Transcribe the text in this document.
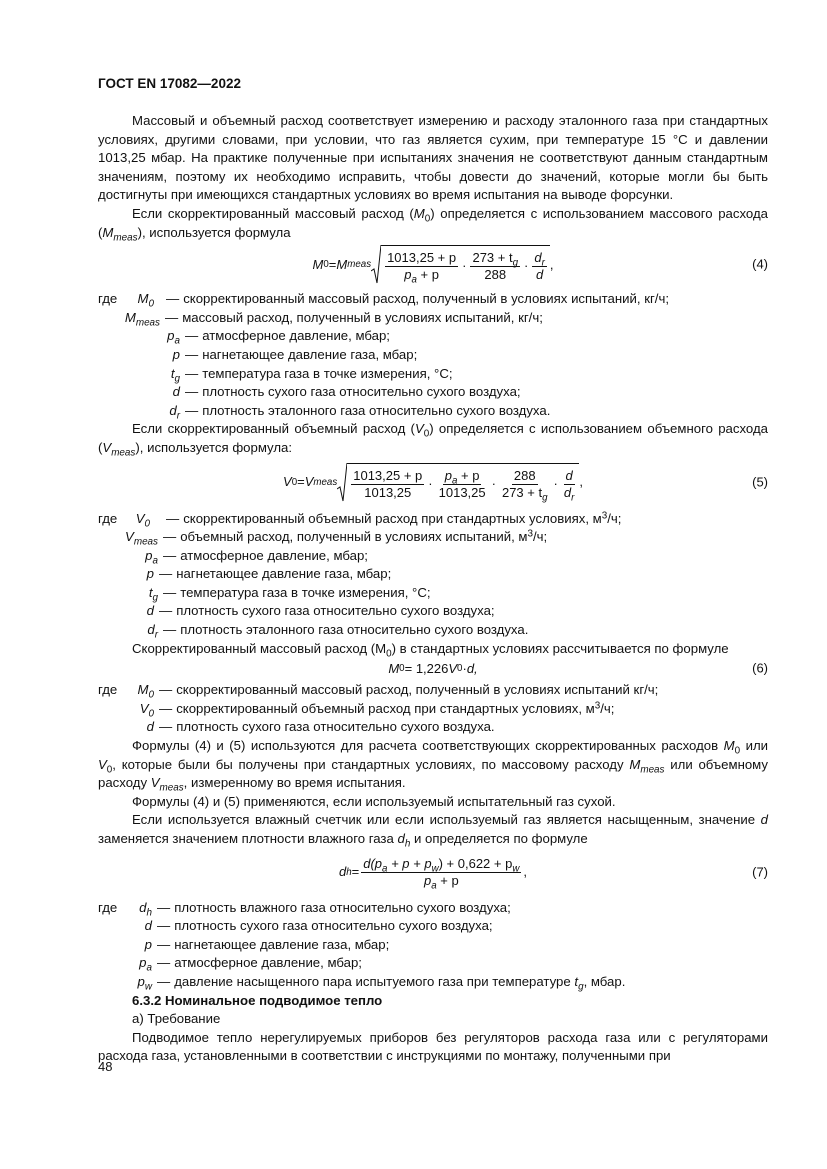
ГОСТ EN 17082—2022

Массовый и объемный расход соответствует измерению и расходу эталонного газа при стандартных условиях, другими словами, при условии, что газ является сухим, при температуре 15 °C и давлении 1013,25 мбар. На практике полученные при испытаниях значения не соответствуют данным стандартным значениям, поэтому их необходимо исправить, чтобы довести до значений, которые могли бы быть достигнуты при имеющихся стандартных условиях во время испытания на выводе форсунки.

Если скорректированный массовый расход $(M_0)$ определяется с использованием массового расхода $(M_{meas})$, используется формула

M 0 = M meas $\frac{1013,25 + p}{p_a + p} \cdot \frac{273 + t_g}{288} \cdot \frac{d_r}{d}$ ,	(4)
где	$M_0$ — скорректированный массовый расход, полученный в условиях испытаний, кг/ч;
$M_{meas}$ — массовый расход, полученный в условиях испытаний, кг/ч;
$p_a$ — атмосферное давление, мбар;
p — нагнетающее давление газа, мбар;
$t_g$ — температура газа в точке измерения, °C;
d — плотность сухого газа относительно сухого воздуха;
$d_r$ — плотность эталонного газа относительно сухого воздуха.

Если скорректированный объемный расход $(V_0)$ определяется с использованием объемного расхода $(V_{meas})$, используется формула:

V 0 = V meas $\frac{1013,25 + p}{1013,25} \cdot \frac{p_a + p}{1013,25} \cdot \frac{288}{273 + t_g} \cdot \frac{d}{d_r}$ ,	(5)
где	$V_0$	— скорректированный объемный расход при стандартных условиях, $м^3/ч$;
$V_{meas}$ — объемный расход, полученный в условиях испытаний, $м^3/ч$;
$p_a$ — атмосферное давление, мбар;
p — нагнетающее давление газа, мбар;
$t_g$ — температура газа в точке измерения, °C;
d — плотность сухого газа относительно сухого воздуха;
$d_r$ — плотность эталонного газа относительно сухого воздуха.

Скорректированный массовый расход $(M_0)$ в стандартных условиях рассчитывается по формуле

M 0 = 1,226 V 0 · d,	(6)
где	$M_0$ — скорректированный массовый расход, полученный в условиях испытаний кг/ч;
$V_0$ — скорректированный объемный расход при стандартных условиях, $м^3/ч$;
d — плотность сухого газа относительно сухого воздуха.

Формулы (4) и (5) используются для расчета соответствующих скорректированных расходов $M_0$ или $V_0$, которые были бы получены при стандартных условиях, по массовому расходу $M_{meas}$ или объемному расходу $V_{meas}$, измеренному во время испытания.

Формулы (4) и (5) применяются, если используемый испытательный газ сухой.

Если используется влажный счетчик или если используемый газ является насыщенным, значение d заменяется значением плотности влажного газа $d_h$ и определяется по формуле

d $h = \frac{d(p_a + p + p_w) + 0,622 + p_w}{p_a + p}$ ,	(7)
где	$d_h$ — плотность влажного газа относительно сухого воздуха;
d — плотность сухого газа относительно сухого воздуха;
p — нагнетающее давление газа, мбар;
$p_a$ — атмосферное давление, мбар;
$p_w$ — давление насыщенного пара испытуемого газа при температуре $t_g$, мбар.

6.3.2 Номинальное подводимое тепло

а) Требование

Подводимое тепло нерегулируемых приборов без регуляторов расхода газа или с регуляторами расхода газа, установленными в соответствии с инструкциями по монтажу, полученными при

48
